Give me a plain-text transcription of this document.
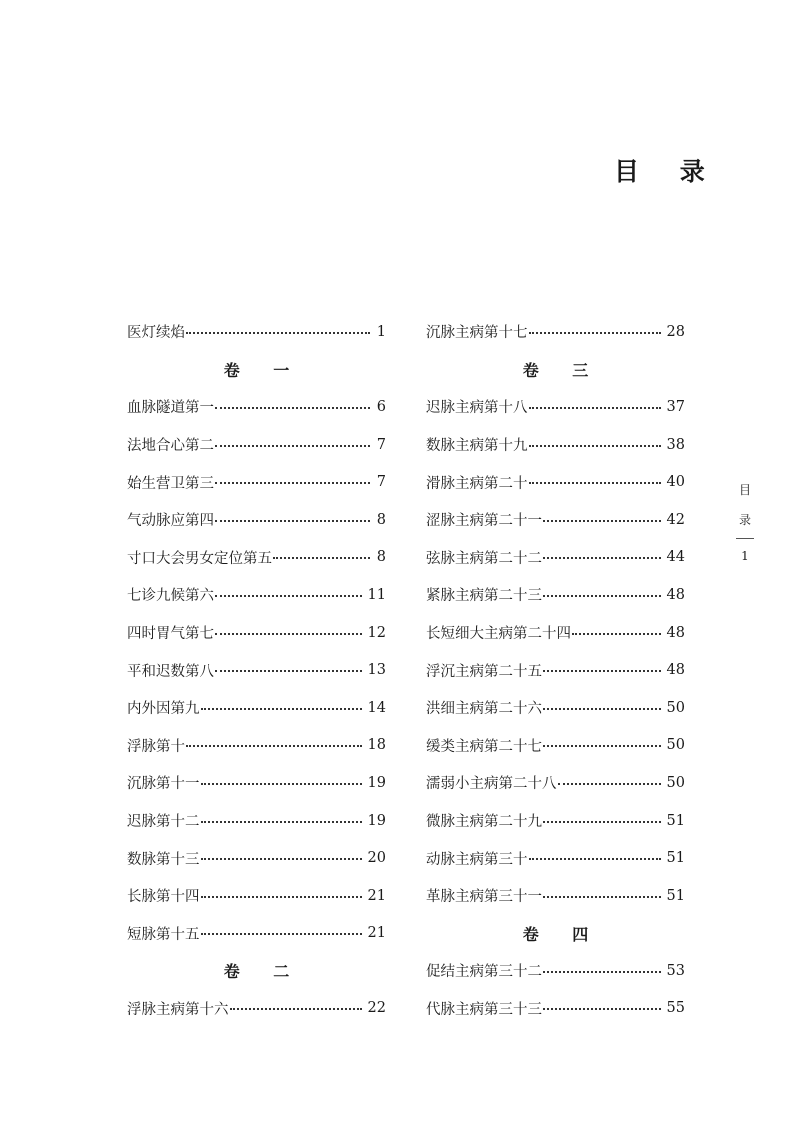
目 录
医灯续焰	1
卷 一
血脉隧道第一	6
法地合心第二	7
始生营卫第三	7
气动脉应第四	8
寸口大会男女定位第五	8
七诊九候第六	11
四时胃气第七	12
平和迟数第八	13
内外因第九	14
浮脉第十	18
沉脉第十一	19
迟脉第十二	19
数脉第十三	20
长脉第十四	21
短脉第十五	21
卷 二
浮脉主病第十六	22
沉脉主病第十七	28
卷 三
迟脉主病第十八	37
数脉主病第十九	38
滑脉主病第二十	40
涩脉主病第二十一	42
弦脉主病第二十二	44
紧脉主病第二十三	48
长短细大主病第二十四	48
浮沉主病第二十五	48
洪细主病第二十六	50
缓类主病第二十七	50
濡弱小主病第二十八	50
微脉主病第二十九	51
动脉主病第三十	51
革脉主病第三十一	51
卷 四
促结主病第三十二	53
代脉主病第三十三	55
目
录
1
